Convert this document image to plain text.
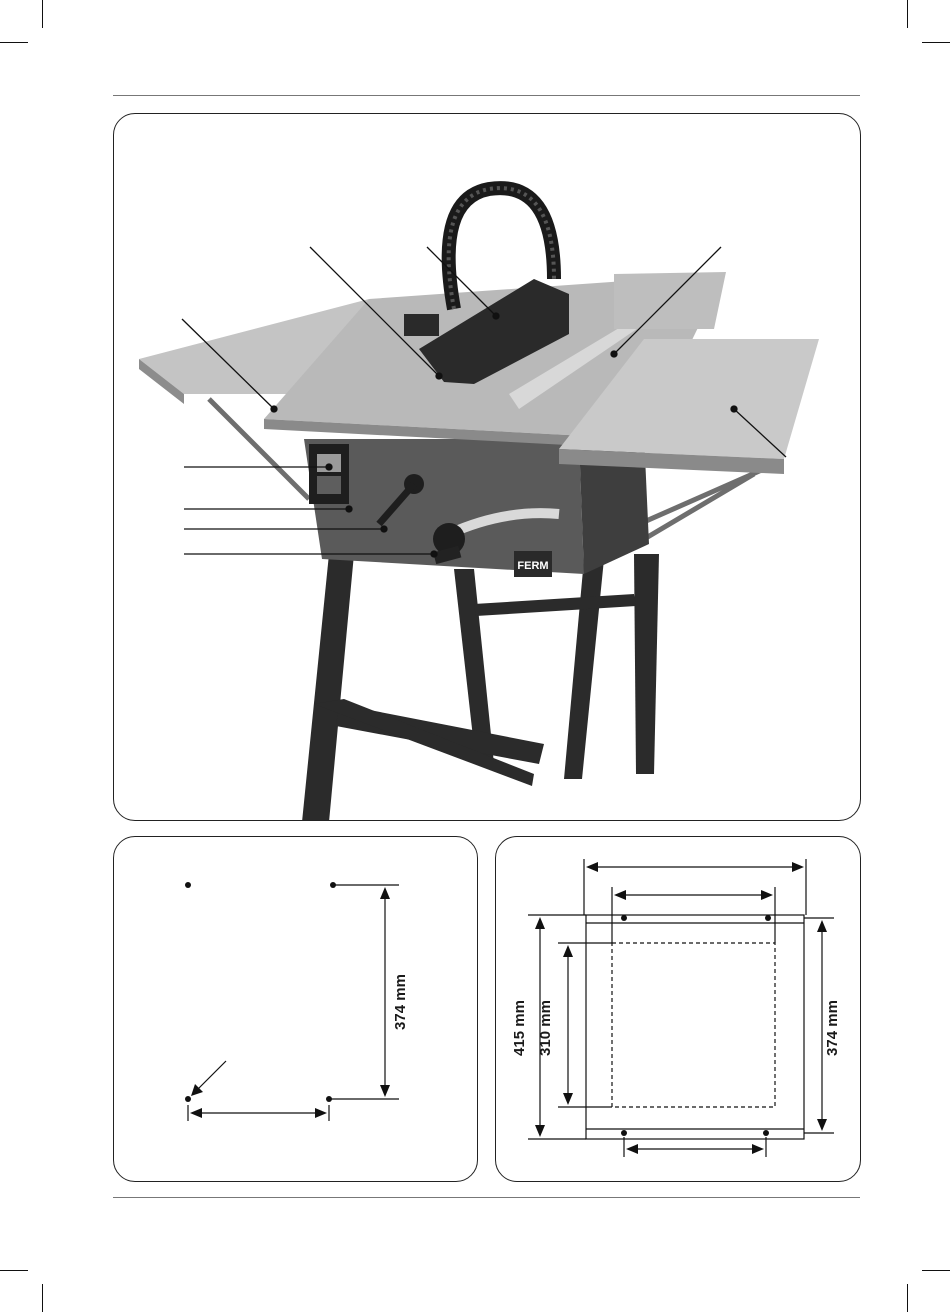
FERM
374 mm	415 mm 310 mm	374 mm
